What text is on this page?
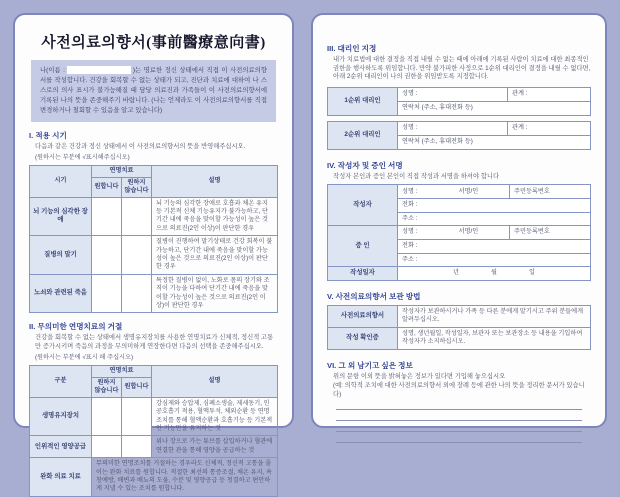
사전의료의향서(事前醫療意向書)
나(이름 :	)는 명료한 정신 상태에서 직접 이 사전의료의향서를 작성합니다. 건강을 회복할 수 없는 상태가 되고, 진단과 치료에 대하여 나 스스로의 의사 표시가 불가능해질 때 담당 의료진과 가족들이 이 사전의료의향서에 기록된 나의 뜻을 존중해주기 바랍니다. (나는 언제라도 이 사전의료의향서를 직접 변경하거나 철회할 수 있음을 알고 있습니다)
I. 적용 시기
다음과 같은 건강과 정신 상태에서 이 사전의료의향서의 뜻을 반영해주십시오.
(원하시는 부분에 √표시해주십시오)
시기	연명치료		설명
	원합니다	원하지 않습니다	
뇌 기능의 심각한 장애			뇌 기능의 심각한 장애로 호흡과 체온 유지 등 기본적 신체 기능유지가 불가능하고, 단기간 내에 죽음을 맞이할 가능성이 높은 것으로 의료진(2인 이상)이 판단한 경우
질병의 말기			질병이 진행하여 말기상태로 건강 회복이 불가능하고, 단기간 내에 죽음을 맞이할 가능성이 높은 것으로 의료진(2인 이상)이 판단한 경우
노쇠와 관련된 죽음			특정한 질병이 없이, 노화로 몸의 장기와 조직이 기능을 다하여 단기간 내에 죽음을 맞이할 가능성이 높은 것으로 의료진(2인 이상)이 판단한 경우
II. 무의미한 연명치료의 거절
건강을 회복할 수 없는 상태에서 생명유지장치를 사용한 연명치료가 신체적, 정신적 고통만 증가시키며 죽음의 과정을 무의미하게 연장한다면 다음의 선택을 존중해주십시오.
(원하시는 부분에 √표시 해 주십시오)
구분	연명치료		설명
	원하지 않습니다	원합니다	
생명유지장치			강심제와 승압제, 심폐소생술, 제세동기, 인공호흡기 적용, 혈액투석, 체외순환 등 연명조치를 통해 혈액순환과 호흡기능 등 기본적인 기능만을 유지하는 것
인위적인 영양공급			위나 장으로 가는 튜브를 삽입하거나 혈관에 연결한 관을 통해 영양을 공급하는 것
완화 의료 치료	무의미한 연명조치를 거절하는 경우라도 신체적, 정신적 고통을 줄이는 완화 치료를 원합니다. 적절한 최선의 통증조절, 체온 유지, 욕창예방, 배변과 배뇨의 도움, 수분 및 영양공급 등 청결하고 편안하게 지낼 수 있는 조치를 원합니다.		
III. 대리인 지정
내가 치료법에 대한 결정을 직접 내릴 수 없는 때에 아래에 기록된 사람이 치료에 대한 최종적인 권한을 행사하도록 위임합니다. 만약 불가피한 사정으로 1순위 대리인이 결정을 내릴 수 없다면, 아래 2순위 대리인이 나의 권한을 위임받도록 지정합니다.
1순위 대리인	성명 :	관계 :
연락처 (주소, 휴대전화 등)
2순위 대리인	성명 :	관계 :
연락처 (주소, 휴대전화 등)
IV. 작성자 및 증인 서명
작성자 본인과 증인 본인이 직접 작성과 서명을 하셔야 합니다
작성자	성명 : 서명/인	주민등록번호
	전화 :	
	주소 :	
증 인	성명 : 서명/인	주민등록번호
	전화 :	
	주소 :	
작성일자	년 월 일	
V. 사전의료의향서 보관 방법
사전의료의향서	작성자가 보관하시거나 가족 등 다른 분에게 맡기시고 주위 분들에게 알려두십시오.
작성 확인증	성명, 생년월일, 작성일자, 보관자 또는 보관장소 등 내용을 기입하여 작성자가 소지하십시오.
VI. 그 외 남기고 싶은 정보
위의 문항 이외 뜻을 밝혀놓은 정보가 있다면 기입해 놓으십시오
(예: 의학적 조치에 대한 사전의료의향서 외에 장례 등에 관한 나의 뜻을 정리한 문서가 있습니다)
